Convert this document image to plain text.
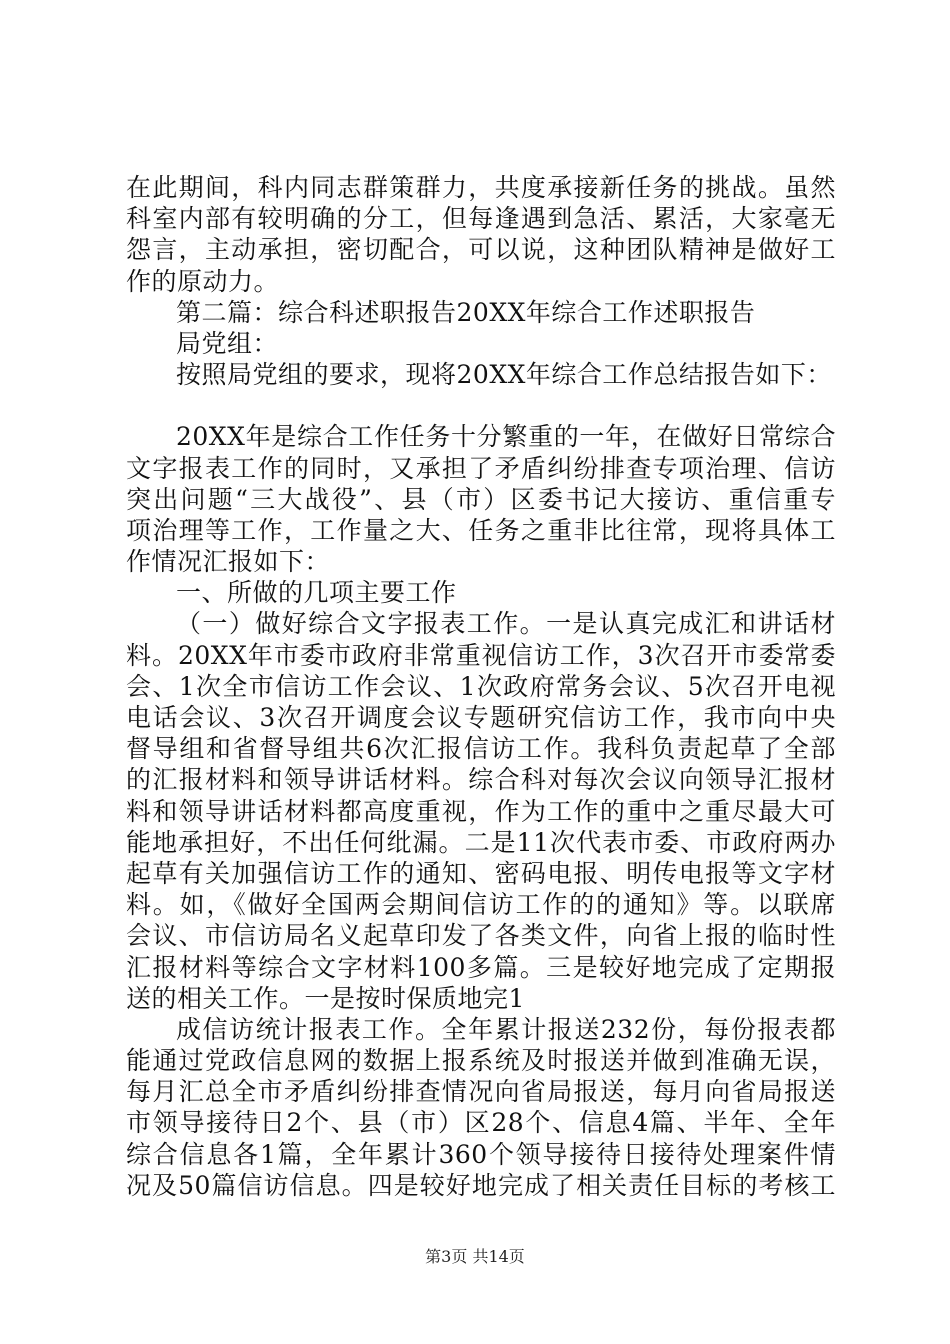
在此期间，科内同志群策群力，共度承接新任务的挑战。虽然
科室内部有较明确的分工，但每逢遇到急活、累活，大家毫无
怨言，主动承担，密切配合，可以说，这种团队精神是做好工
作的原动力。
第二篇：综合科述职报告20XX年综合工作述职报告
局党组：
按照局党组的要求，现将20XX年综合工作总结报告如下：
20XX年是综合工作任务十分繁重的一年，在做好日常综合
文字报表工作的同时，又承担了矛盾纠纷排查专项治理、信访
突出问题“三大战役”、县（市）区委书记大接访、重信重专
项治理等工作，工作量之大、任务之重非比往常，现将具体工
作情况汇报如下：
一、所做的几项主要工作
（一）做好综合文字报表工作。一是认真完成汇和讲话材
料。20XX年市委市政府非常重视信访工作，3次召开市委常委
会、1次全市信访工作会议、1次政府常务会议、5次召开电视
电话会议、3次召开调度会议专题研究信访工作，我市向中央
督导组和省督导组共6次汇报信访工作。我科负责起草了全部
的汇报材料和领导讲话材料。综合科对每次会议向领导汇报材
料和领导讲话材料都高度重视，作为工作的重中之重尽最大可
能地承担好，不出任何纰漏。二是11次代表市委、市政府两办
起草有关加强信访工作的通知、密码电报、明传电报等文字材
料。如，《做好全国两会期间信访工作的的通知》等。以联席
会议、市信访局名义起草印发了各类文件，向省上报的临时性
汇报材料等综合文字材料100多篇。三是较好地完成了定期报
送的相关工作。一是按时保质地完1
成信访统计报表工作。全年累计报送232份，每份报表都
能通过党政信息网的数据上报系统及时报送并做到准确无误，
每月汇总全市矛盾纠纷排查情况向省局报送，每月向省局报送
市领导接待日2个、县（市）区28个、信息4篇、半年、全年
综合信息各1篇，全年累计360个领导接待日接待处理案件情
况及50篇信访信息。四是较好地完成了相关责任目标的考核工
第3页 共14页
